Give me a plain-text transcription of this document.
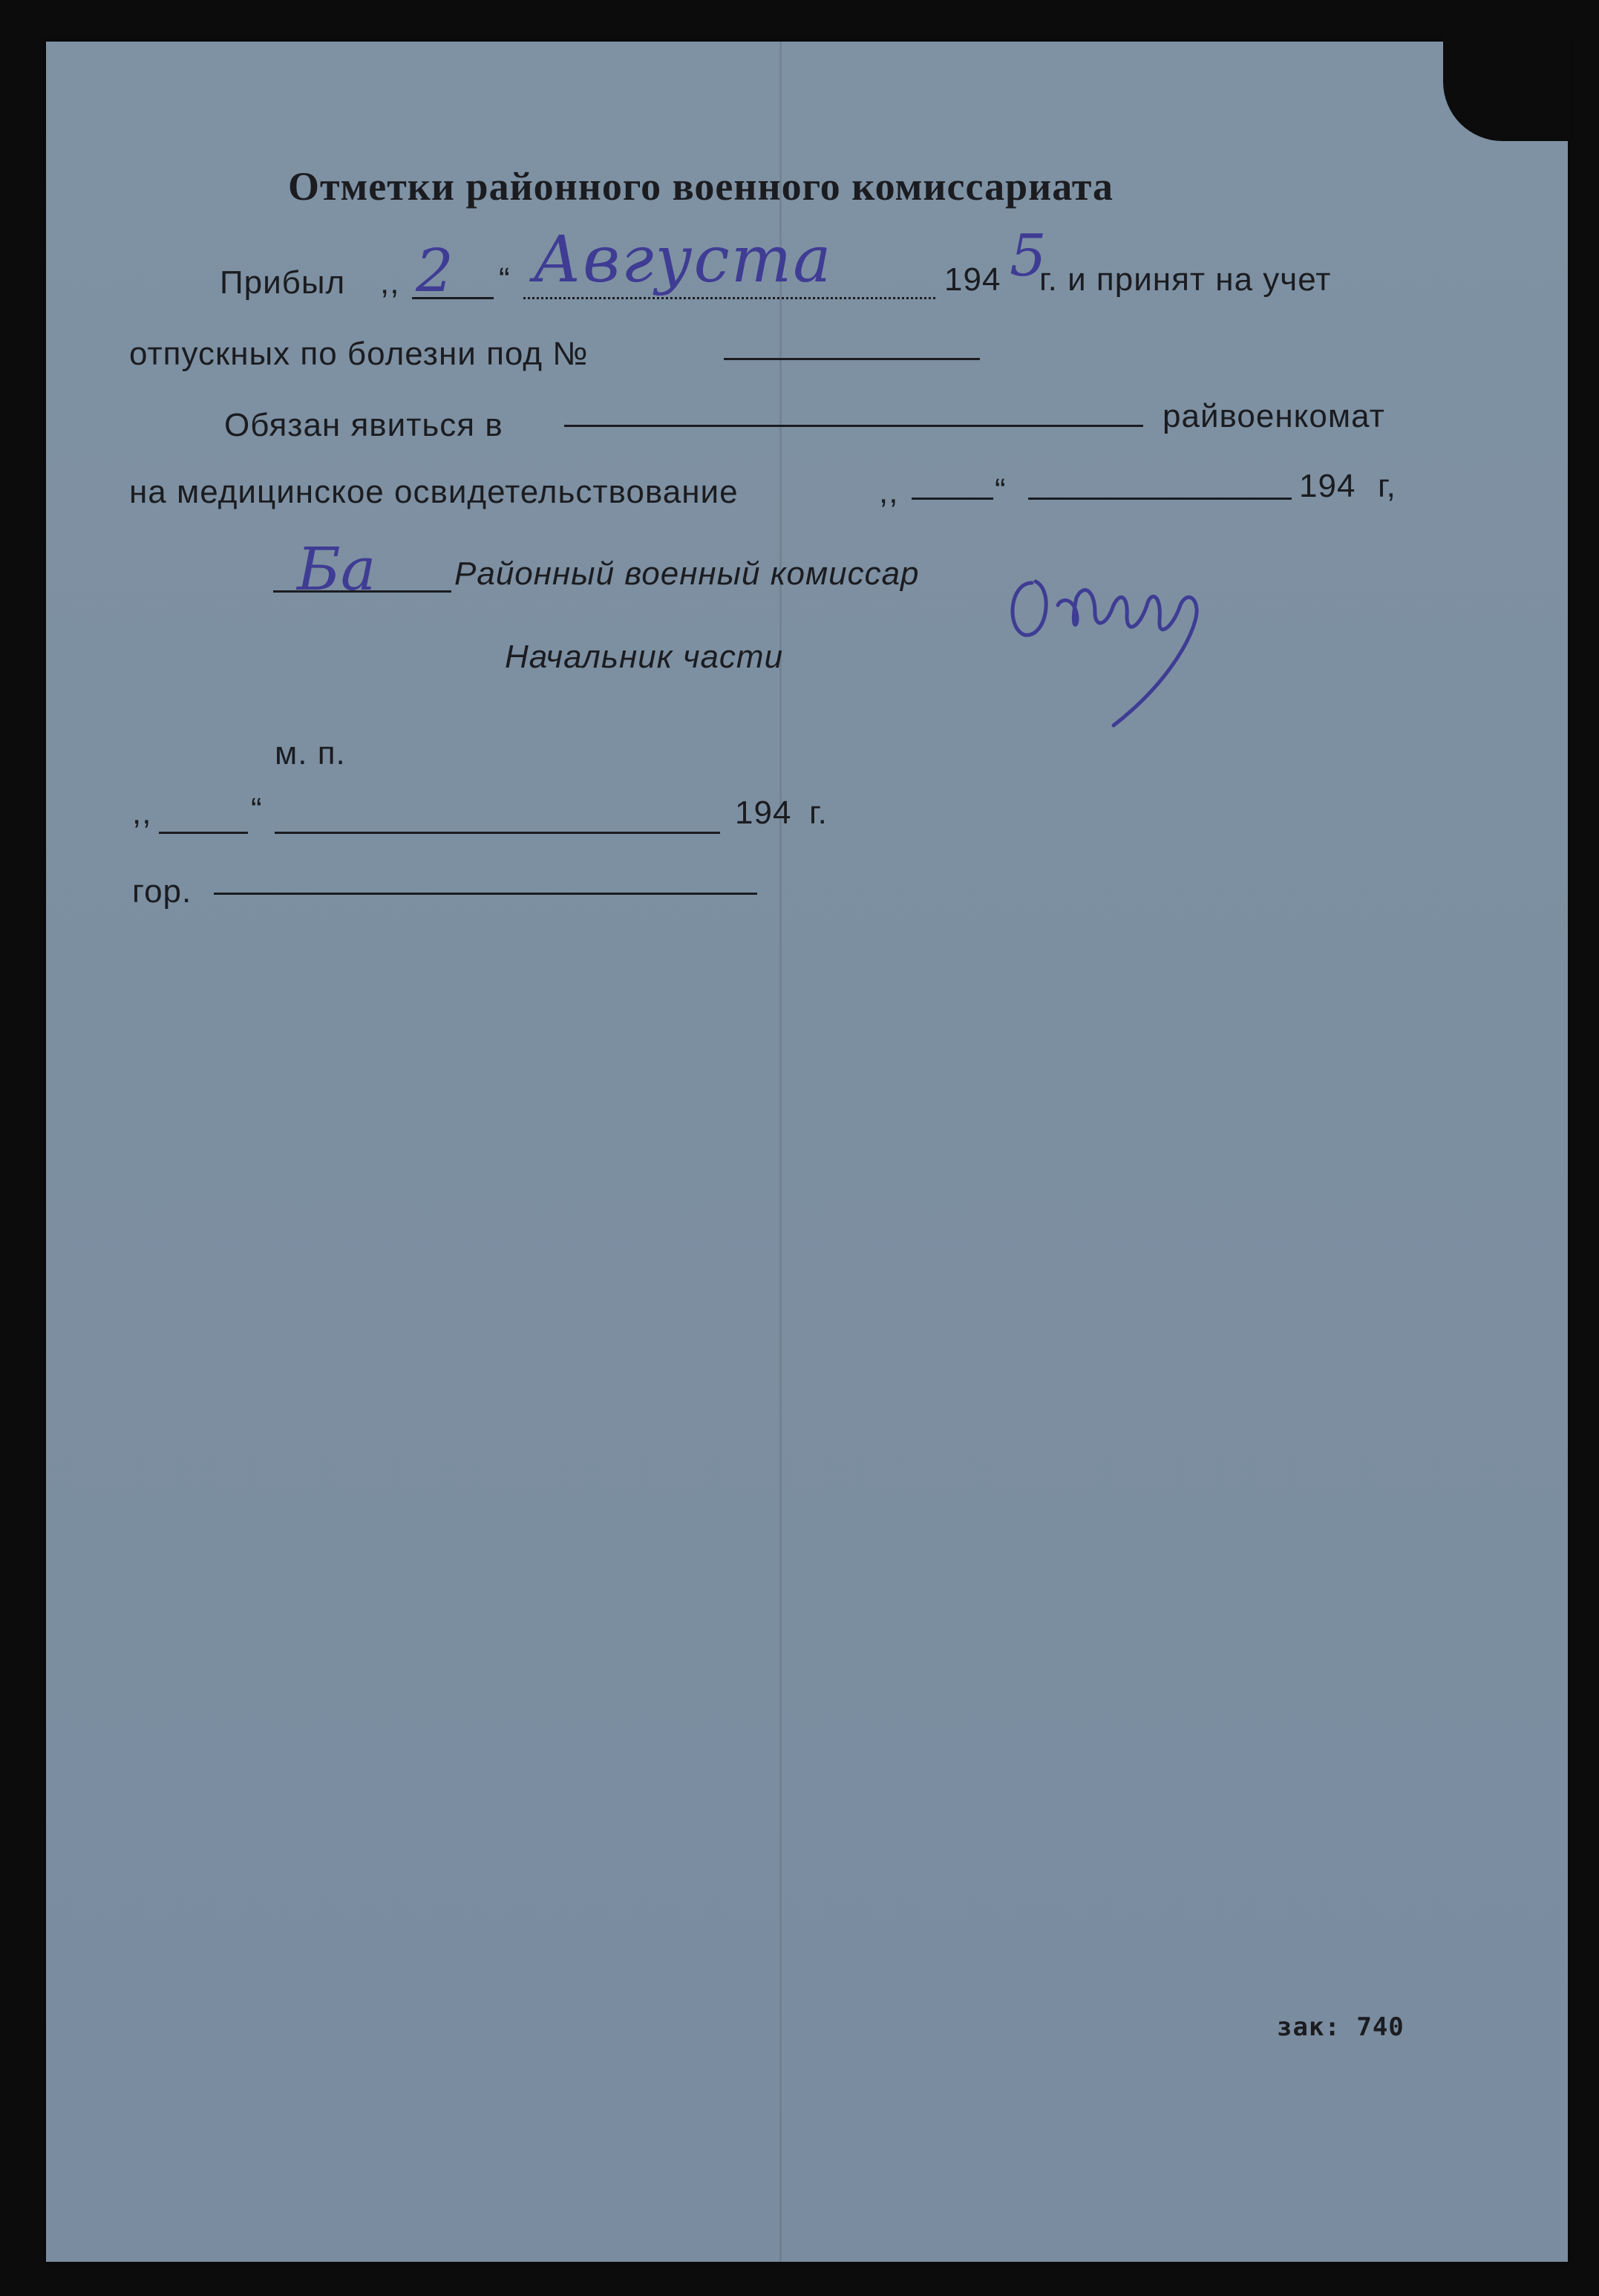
Отметки районного военного комиссариата
Прибыл ,, 2 “ Августа	194 5
г. и принят на учет
отпускных по болезни под №
Обязан явиться в	райвоенкомат
на медицинское освидетельствование	,,	“	194 г,
Ба Районный военный комиссар
Начальник части
м. п.
,,	“	194 г.
гор.
зак: 740
